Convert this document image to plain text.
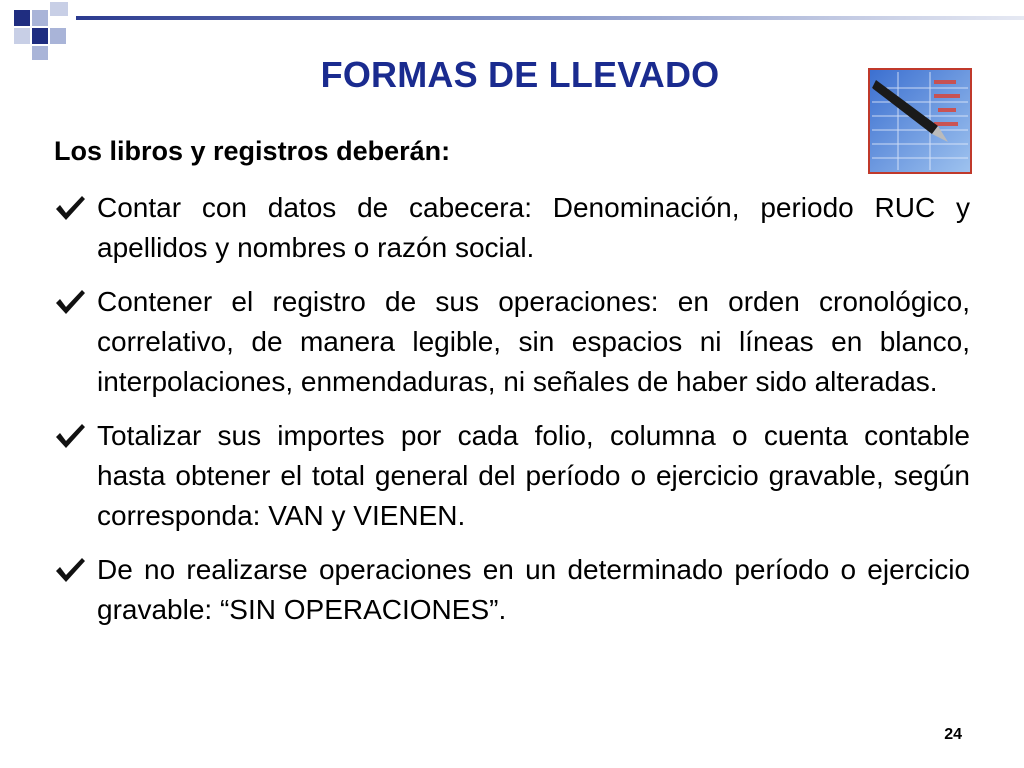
FORMAS DE LLEVADO
Los libros y registros deberán:
Contar con datos de cabecera: Denominación, periodo RUC y apellidos y nombres o razón social.
Contener el registro de sus operaciones: en orden cronológico, correlativo, de manera legible, sin espacios ni líneas en blanco, interpolaciones, enmendaduras, ni señales de haber sido alteradas.
Totalizar sus importes por cada folio, columna o cuenta contable hasta obtener el total general del período o ejercicio gravable, según corresponda: VAN y VIENEN.
De no realizarse operaciones en un determinado período o ejercicio gravable: “SIN OPERACIONES”.
24
